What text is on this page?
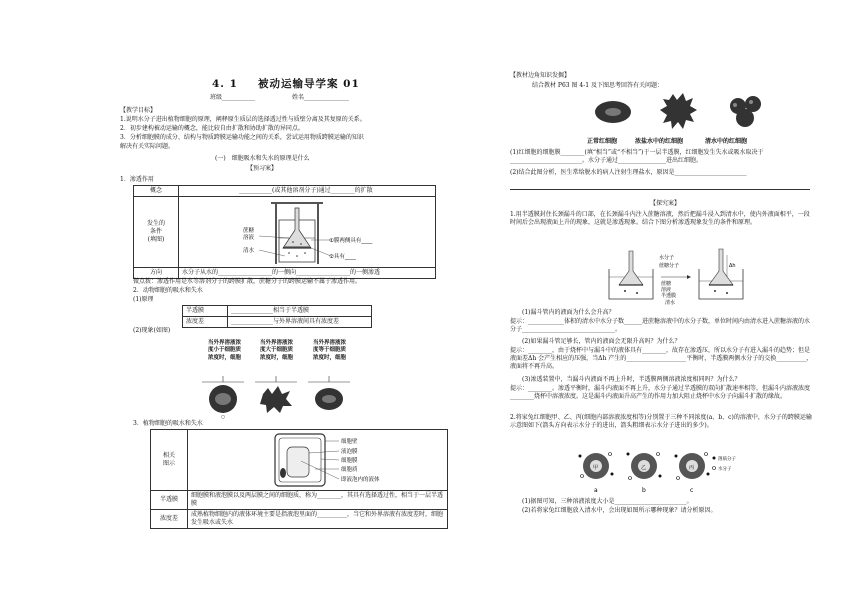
4. 1 被动运输导学案 01
班级___________	姓名_______________
【教学目标】
1.说明水分子进出植物细胞的原理，阐释原生质层的选择透过性与质壁分离及其复原的关系。
2．初步建构被动运输的概念，能比较自由扩散和协助扩散的异同点。
3．分析细胞膜的成分、结构与物质跨膜运输功能之间的关系，尝试运用物质跨膜运输的知识
解决有关实际问题。
(一)　细胞吸水和失水的原理是什么
【预习案】
1．渗透作用
概念	___________(或其他溶剂分子)通过________的扩散
发生的
条件
(填图)	蔗糖
溶液
清水
①膜两侧具有____
②具有____

方向	水分子从水的__________________的一侧向__________________的一侧渗透
微点拨：渗透作用是水等溶剂分子的跨膜扩散，蔗糖分子的跨膜运输不属于渗透作用。
2．动物细胞的吸水和失水
(1)原理
半透膜	______________相当于半透膜
浓度差	______________与外界溶液间具有浓度差
(2)现象(如图)
当外界溶液浓
度小于细胞质
浓度时，细胞
当外界溶液浓
度大于细胞质
浓度时，细胞
当外界溶液浓
度等于细胞质
浓度时，细胞
○
3．植物细胞的吸水和失水
相关
图示	细胞壁
液泡膜
细胞膜
细胞质
即液泡内的液体

半透膜	细胞膜和液泡膜以及两层膜之间的细胞质，称为________，其具有选择透过性，相当于一层半透膜
浓度差	成熟植物细胞内的液体环境主要是指液泡里面的__________，当它和外界溶液有浓度差时，细胞发生吸水或失水
【教材边角知识发掘】
结合教材 P63 图 4-1 及下图思考回答有关问题：
正常红细胞	浓盐水中的红细胞	清水中的红细胞
(1)红细胞的细胞膜________(填“相当”或“不相当”)于一层半透膜，红细胞发生失水或吸水取决于________________________。水分子通过________________进出红细胞。
(2)结合此图分析，医生常给脱水的病人注射生理盐水，原因是________________________
【探究案】
1.用半透膜封住长颈漏斗的口部，在长颈漏斗内注入蔗糖溶液，然后把漏斗浸入到清水中，使内外液面相平，一段时间后会出现液面上升的现象，这就是渗透现象。结合下图分析渗透现象发生的条件和原理。
Δh
水分子
蔗糖分子
蔗糖
溶液
半透膜
清水
(1)漏斗管内的液面为什么会升高？
提示：____________体积的清水中水分子数______进蔗糖溶液中的水分子数，单位时间内由清水进入蔗糖溶液的水分子_______________________________。
(2)如果漏斗管足够长，管内的液面会无限升高吗？为什么？
提示：________，由于烧杯中与漏斗中的液体具有________，故存在渗透压，所以水分子有进入漏斗的趋势；但是液面差Δh 会产生相应的压强，当Δh 产生的____________________平衡时，半透膜两侧水分子的交换__________，液面将不再升高。
(3)渗透装置中，当漏斗内液面不再上升时，半透膜两侧溶液浓度相同吗？为什么？
提示：________。渗透平衡时，漏斗内液面不再上升，水分子通过半透膜的双向扩散速率相等，但漏斗内溶液浓度________烧杯中溶液浓度。这是漏斗内液面升高产生的作用力加大阻止烧杯中水分子向漏斗扩散的缘故。
2.将家兔红细胞甲、乙、丙(细胞内部溶液浓度相等)分别置于三种不同浓度(a、b、c)的溶液中，水分子的跨膜运输示意图如下(箭头方向表示水分子的进出，箭头粗细表示水分子进出的多少)。
甲	乙	丙
a	b	c
溶质分子
水分子
(1)据图可知，三种溶液浓度大小是________________________。
(2)若将家兔红细胞放入清水中，会出现如图所示哪种现象？请分析原因。
